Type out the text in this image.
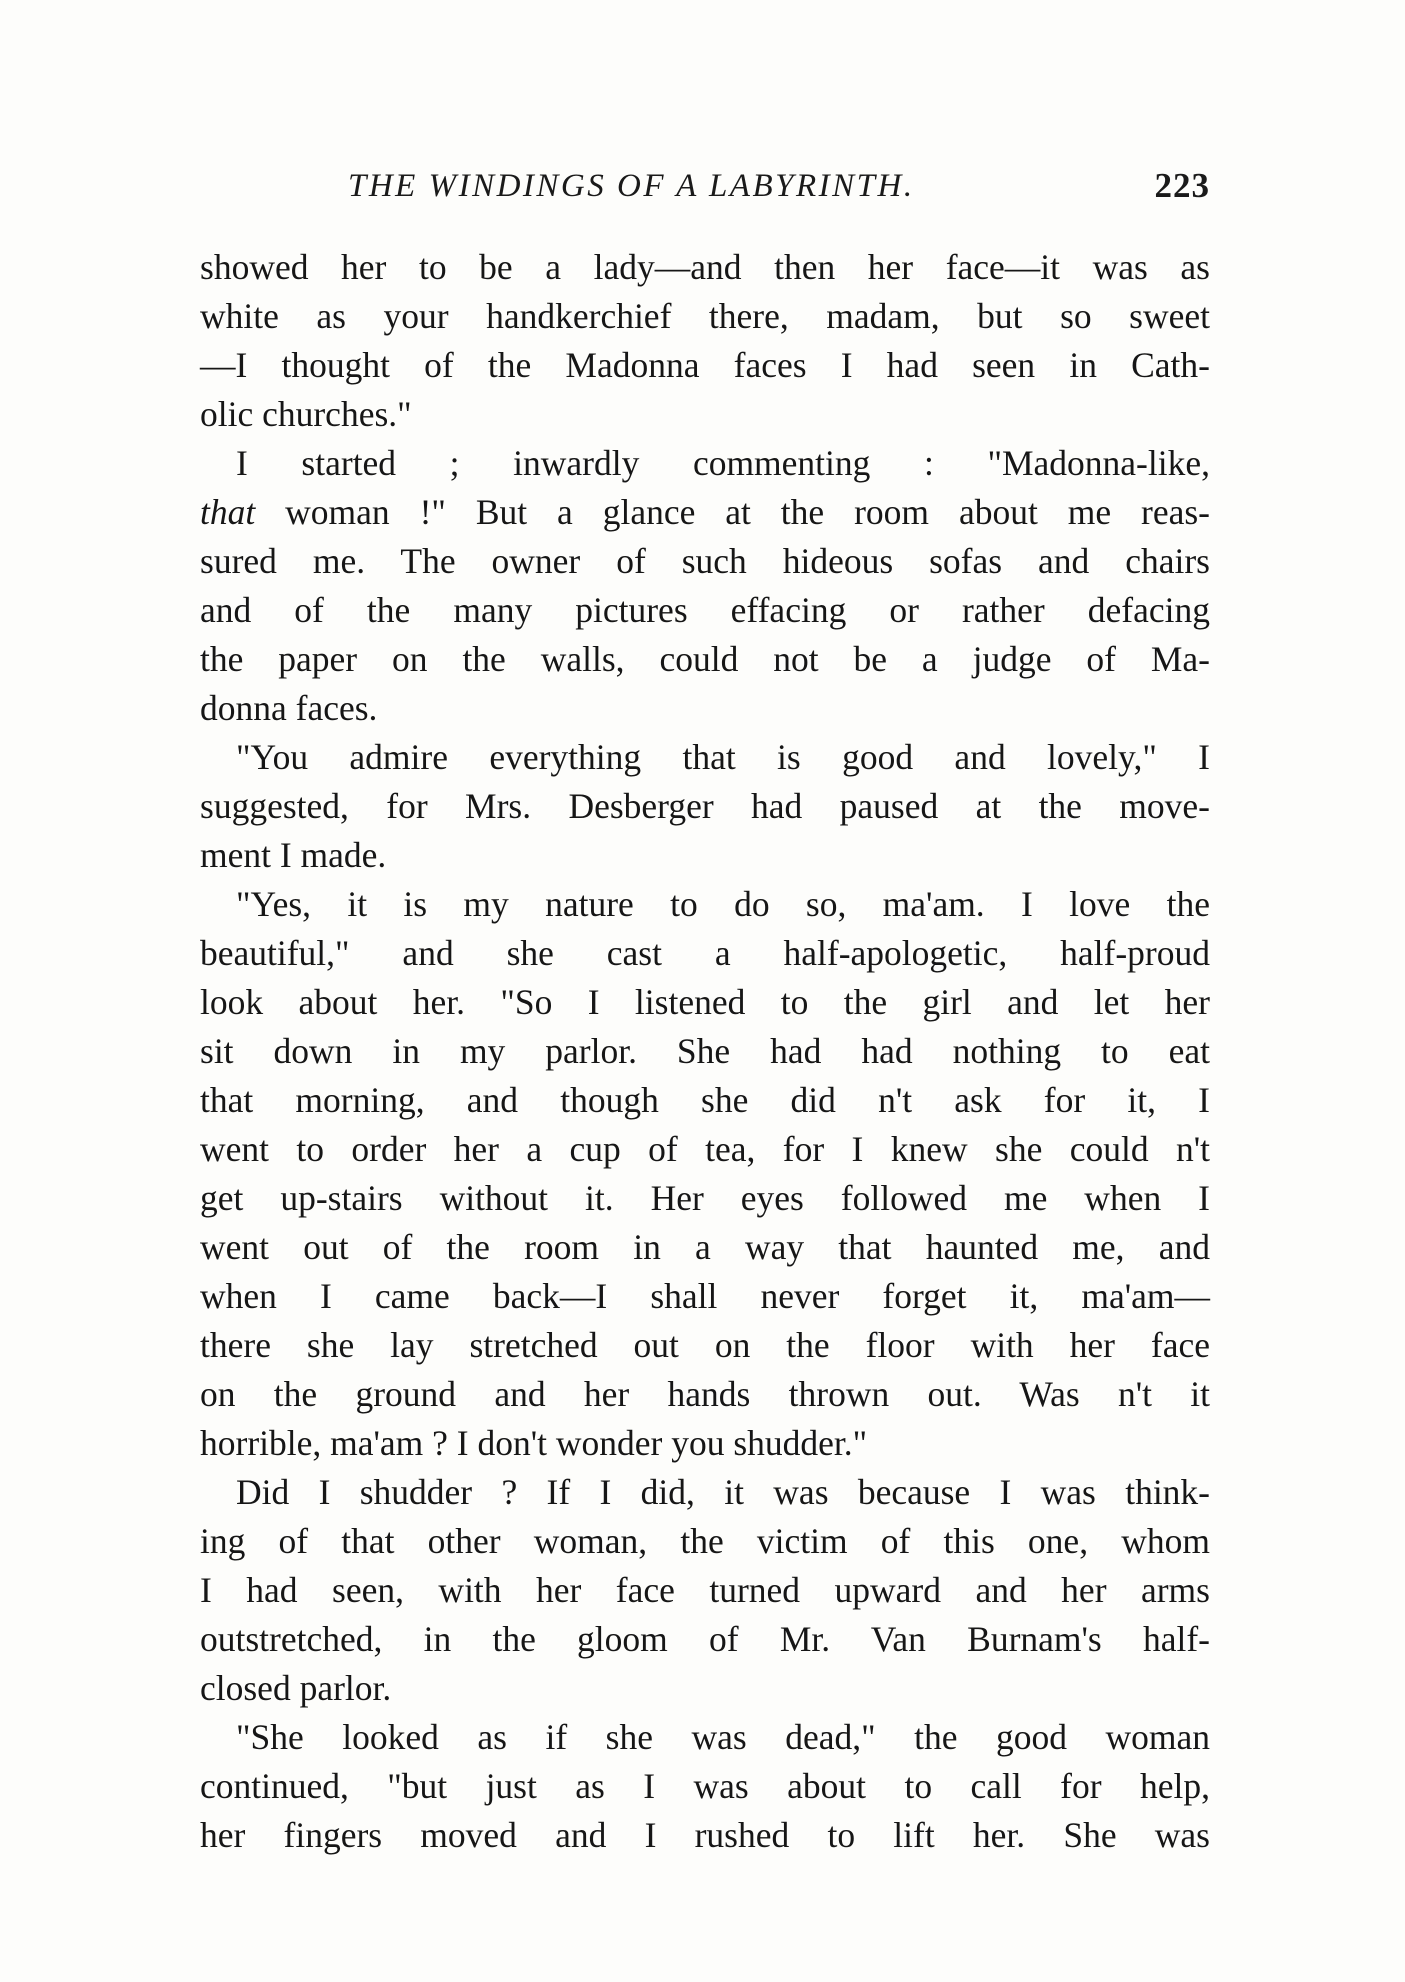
THE WINDINGS OF A LABYRINTH.	223

showed her to be a lady—and then her face—it was as
white as your handkerchief there, madam, but so sweet
—I thought of the Madonna faces I had seen in Cath-
olic churches."

I started ; inwardly commenting : "Madonna-like,
that woman !" But a glance at the room about me reas-
sured me. The owner of such hideous sofas and chairs
and of the many pictures effacing or rather defacing
the paper on the walls, could not be a judge of Ma-
donna faces.

"You admire everything that is good and lovely," I
suggested, for Mrs. Desberger had paused at the move-
ment I made.

"Yes, it is my nature to do so, ma'am. I love the
beautiful," and she cast a half-apologetic, half-proud
look about her. "So I listened to the girl and let her
sit down in my parlor. She had had nothing to eat
that morning, and though she did n't ask for it, I
went to order her a cup of tea, for I knew she could n't
get up-stairs without it. Her eyes followed me when I
went out of the room in a way that haunted me, and
when I came back—I shall never forget it, ma'am—
there she lay stretched out on the floor with her face
on the ground and her hands thrown out. Was n't it
horrible, ma'am ? I don't wonder you shudder."

Did I shudder ? If I did, it was because I was think-
ing of that other woman, the victim of this one, whom
I had seen, with her face turned upward and her arms
outstretched, in the gloom of Mr. Van Burnam's half-
closed parlor.

"She looked as if she was dead," the good woman
continued, "but just as I was about to call for help,
her fingers moved and I rushed to lift her. She was
